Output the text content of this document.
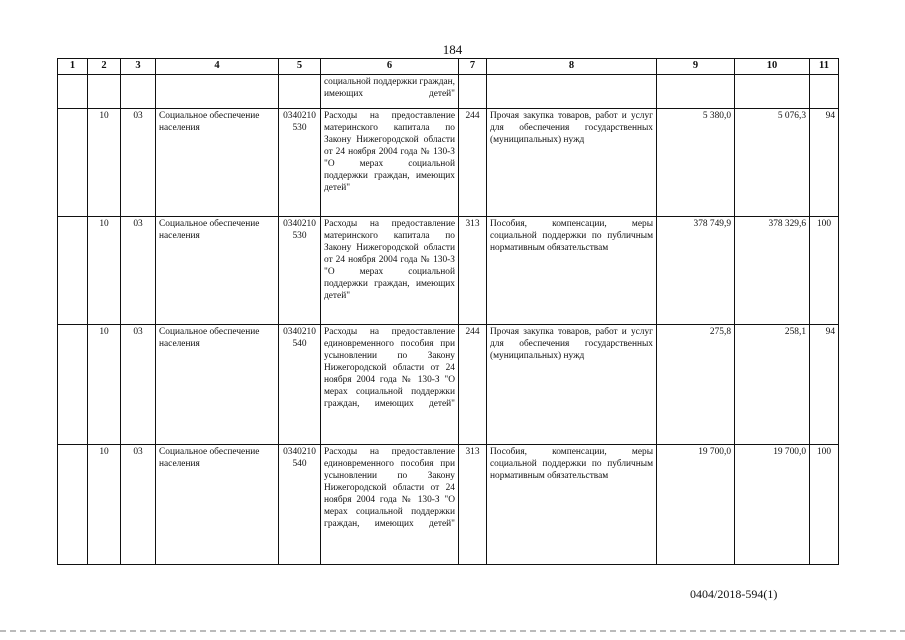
184
1	2	3	4	5	6	7	8	9	10	11
					социальной поддержки граждан, имеющих детей"					
	10	03	Социальное обеспечение населения	0340210530	Расходы на предоставление материнского капитала по Закону Нижегородской области от 24 ноября 2004 года № 130-З "О мерах социальной поддержки граждан, имеющих детей"	244	Прочая закупка товаров, работ и услуг для обеспечения государственных (муниципальных) нужд	5 380,0	5 076,3	94
	10	03	Социальное обеспечение населения	0340210530	Расходы на предоставление материнского капитала по Закону Нижегородской области от 24 ноября 2004 года № 130-З "О мерах социальной поддержки граждан, имеющих детей"	313	Пособия, компенсации, меры социальной поддержки по публичным нормативным обязательствам	378 749,9	378 329,6	100
	10	03	Социальное обеспечение населения	0340210540	Расходы на предоставление единовременного пособия при усыновлении по Закону Нижегородской области от 24 ноября 2004 года № 130-З "О мерах социальной поддержки граждан, имеющих детей"	244	Прочая закупка товаров, работ и услуг для обеспечения государственных (муниципальных) нужд	275,8	258,1	94
	10	03	Социальное обеспечение населения	0340210540	Расходы на предоставление единовременного пособия при усыновлении по Закону Нижегородской области от 24 ноября 2004 года № 130-З "О мерах социальной поддержки граждан, имеющих детей"	313	Пособия, компенсации, меры социальной поддержки по публичным нормативным обязательствам	19 700,0	19 700,0	100
0404/2018-594(1)
